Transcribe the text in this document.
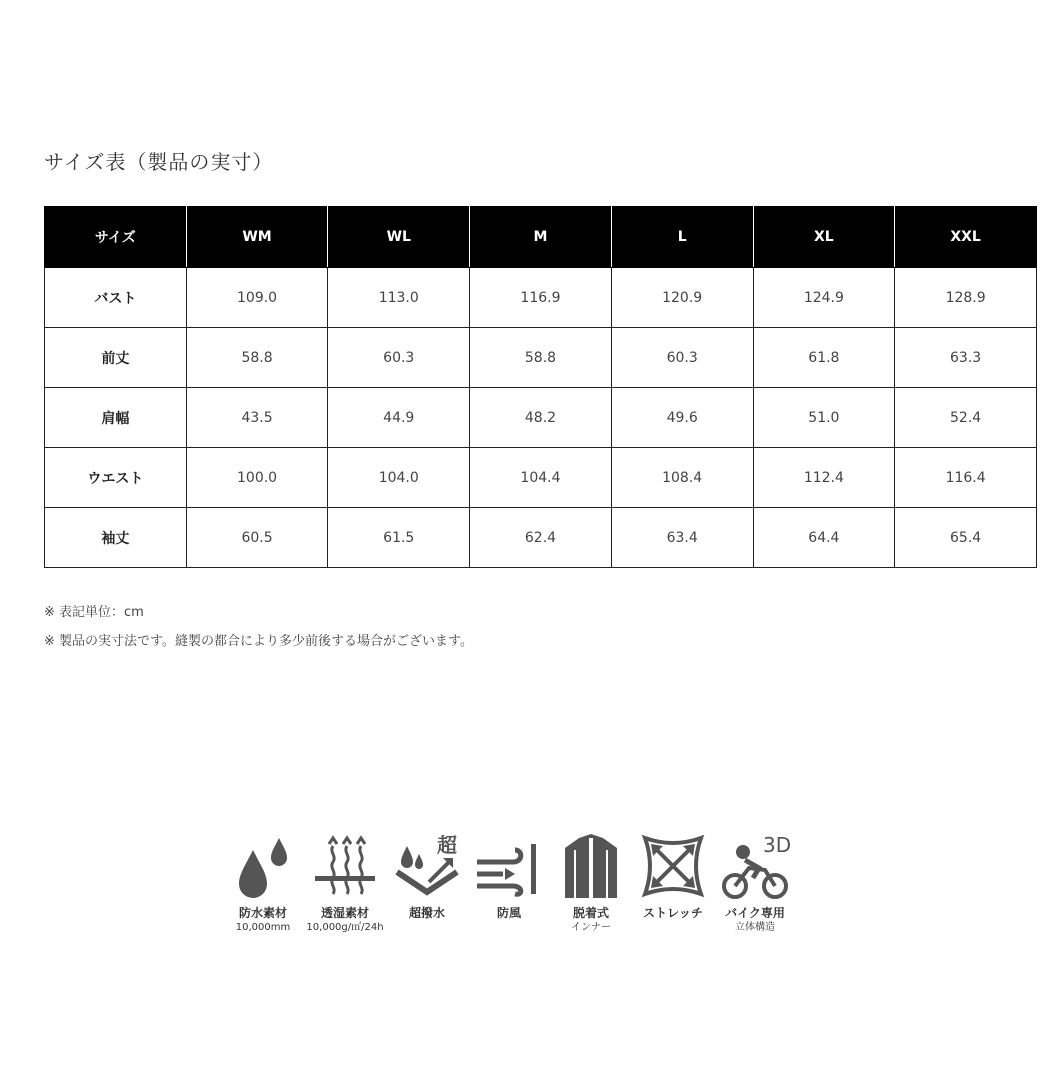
サイズ表（製品の実寸）
サイズ	WM	WL	M	L	XL	XXL
バスト	109.0	113.0	116.9	120.9	124.9	128.9
前丈	58.8	60.3	58.8	60.3	61.8	63.3
肩幅	43.5	44.9	48.2	49.6	51.0	52.4
ウエスト	100.0	104.0	104.4	108.4	112.4	116.4
袖丈	60.5	61.5	62.4	63.4	64.4	65.4
※ 表記単位：cm
※ 製品の実寸法です。縫製の都合により多少前後する場合がございます。
防水素材
10,000mm
透湿素材
10,000g/㎡/24h
超
超撥水	防風	脱着式
インナー
ストレッチ
3D
バイク専用
立体構造
